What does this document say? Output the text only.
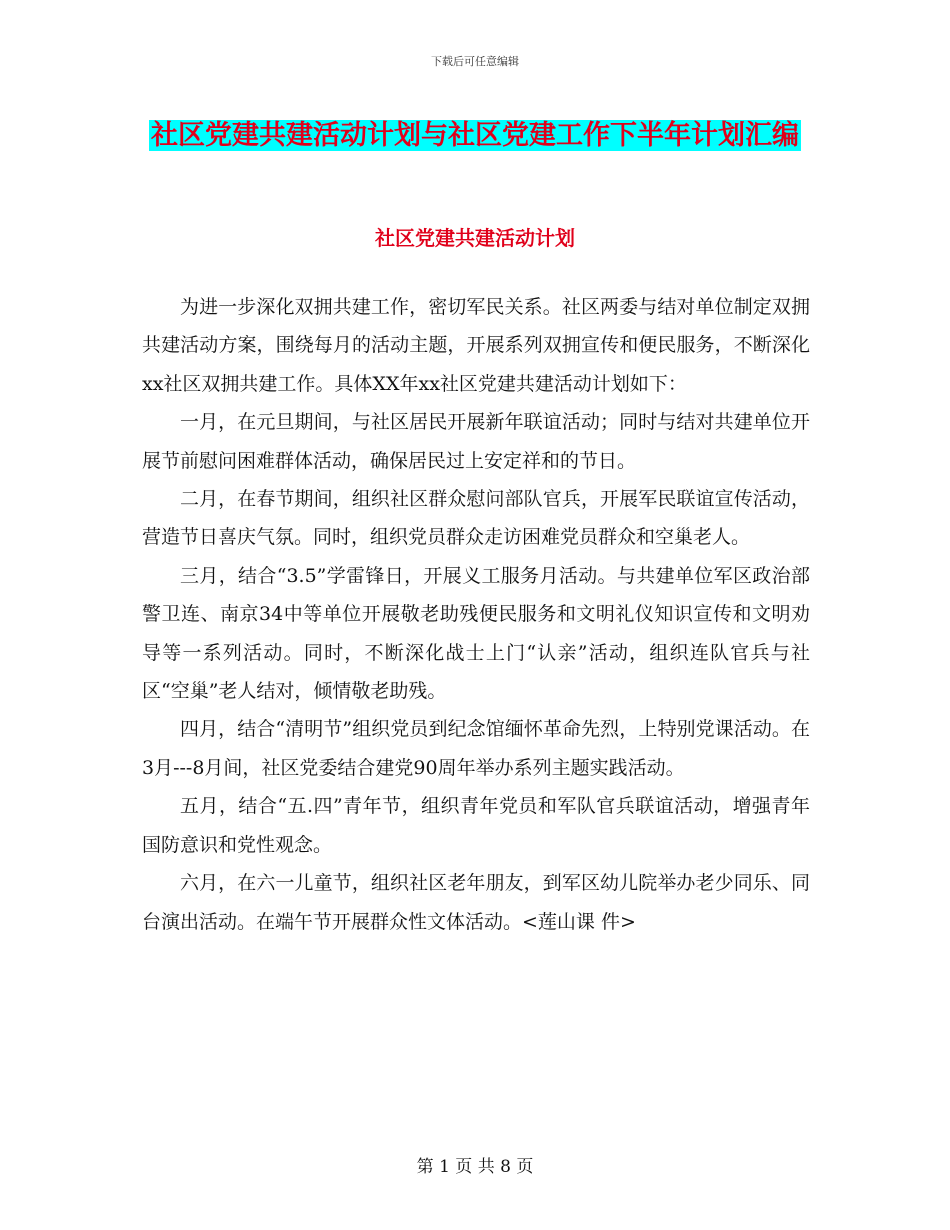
下载后可任意编辑
社区党建共建活动计划与社区党建工作下半年计划汇编
社区党建共建活动计划

为进一步深化双拥共建工作，密切军民关系。社区两委与结对单位制定双拥共建活动方案，围绕每月的活动主题，开展系列双拥宣传和便民服务，不断深化xx社区双拥共建工作。具体XX年xx社区党建共建活动计划如下：

一月，在元旦期间，与社区居民开展新年联谊活动；同时与结对共建单位开展节前慰问困难群体活动，确保居民过上安定祥和的节日。

二月，在春节期间，组织社区群众慰问部队官兵，开展军民联谊宣传活动，营造节日喜庆气氛。同时，组织党员群众走访困难党员群众和空巢老人。

三月，结合“3.5”学雷锋日，开展义工服务月活动。与共建单位军区政治部警卫连、南京34中等单位开展敬老助残便民服务和文明礼仪知识宣传和文明劝导等一系列活动。同时，不断深化战士上门“认亲”活动，组织连队官兵与社区“空巢”老人结对，倾情敬老助残。

四月，结合“清明节”组织党员到纪念馆缅怀革命先烈，上特别党课活动。在3月---8月间，社区党委结合建党90周年举办系列主题实践活动。

五月，结合“五.四”青年节，组织青年党员和军队官兵联谊活动，增强青年国防意识和党性观念。

六月，在六一儿童节，组织社区老年朋友，到军区幼儿院举办老少同乐、同台演出活动。在端午节开展群众性文体活动。<莲山课 件>

第 1 页 共 8 页
